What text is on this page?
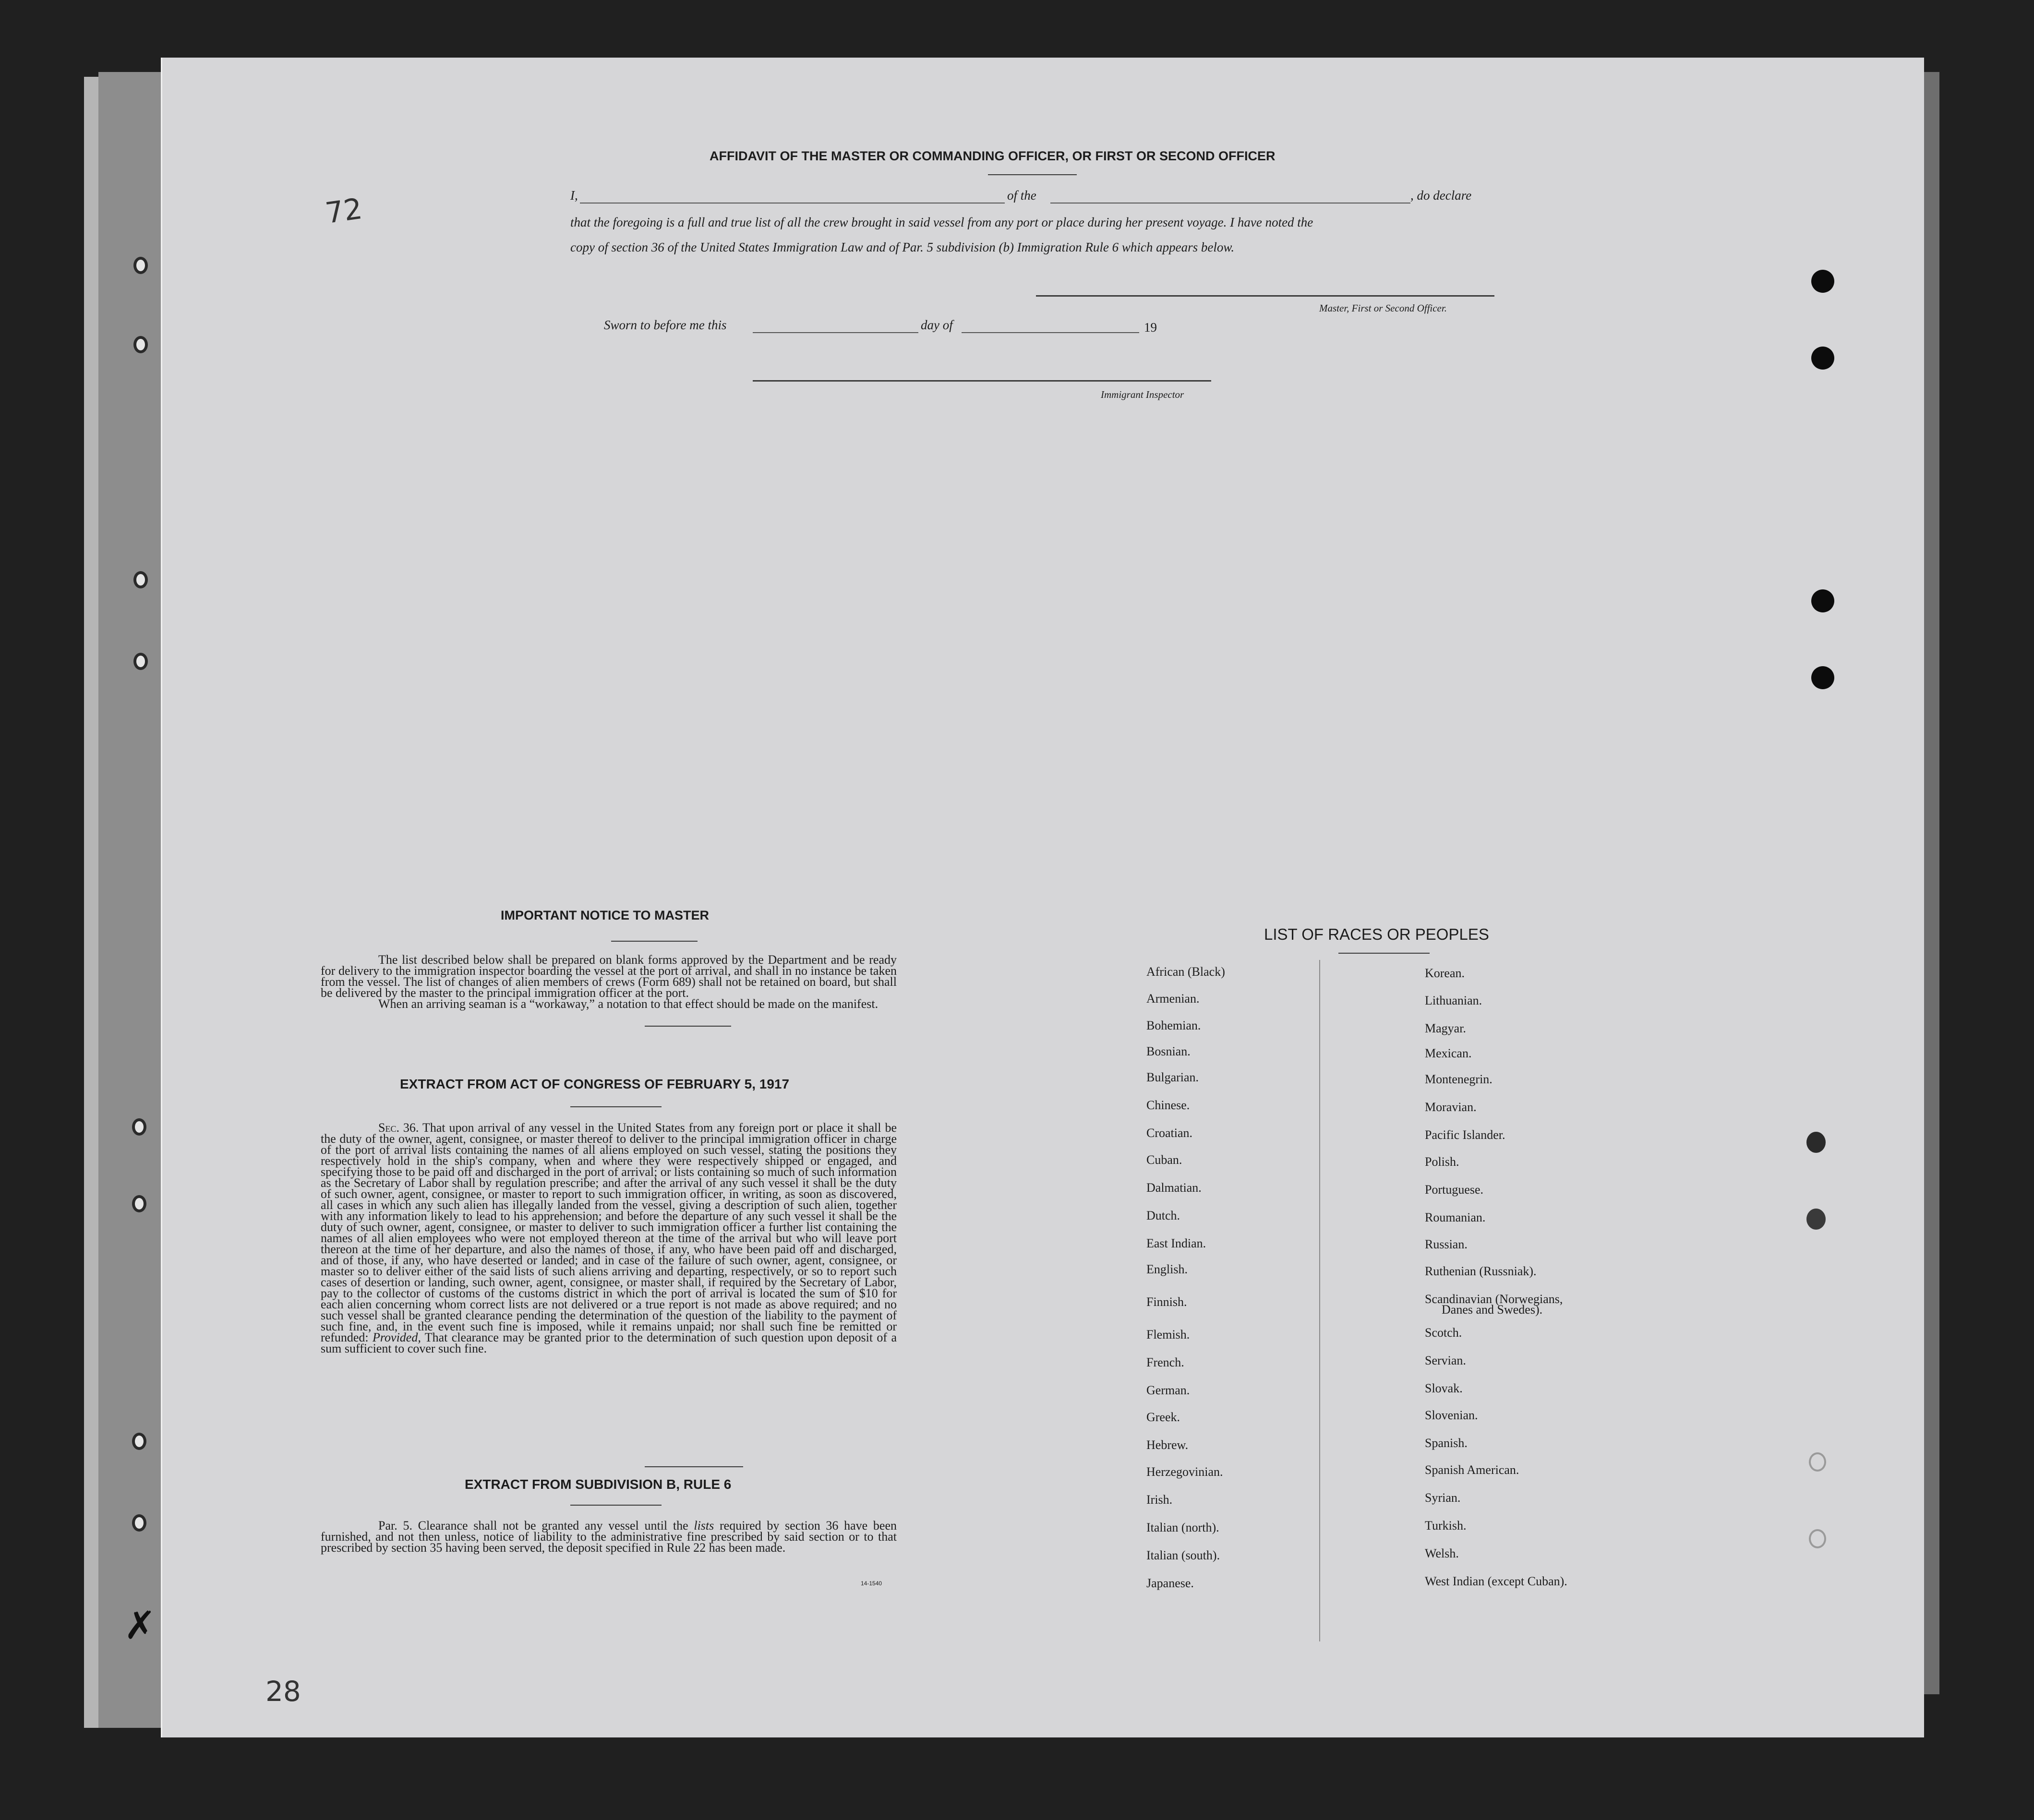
72
28
✗
AFFIDAVIT OF THE MASTER OR COMMANDING OFFICER, OR FIRST OR SECOND OFFICER
I,	of the	, do declare
that the foregoing is a full and true list of all the crew brought in said vessel from any port or place during her present voyage. I have noted the
copy of section 36 of the United States Immigration Law and of Par. 5 subdivision (b) Immigration Rule 6 which appears below.
Master, First or Second Officer.
Sworn to before me this	day of	19
Immigrant Inspector
IMPORTANT NOTICE TO MASTER

The list described below shall be prepared on blank forms approved by the Department and be ready for delivery to the immigration inspector boarding the vessel at the port of arrival, and shall in no instance be taken from the vessel. The list of changes of alien members of crews (Form 689) shall not be retained on board, but shall be delivered by the master to the principal immigration officer at the port.

When an arriving seaman is a “workaway,” a notation to that effect should be made on the manifest.

EXTRACT FROM ACT OF CONGRESS OF FEBRUARY 5, 1917

Sec. 36. That upon arrival of any vessel in the United States from any foreign port or place it shall be the duty of the owner, agent, consignee, or master thereof to deliver to the principal immigration officer in charge of the port of arrival lists containing the names of all aliens employed on such vessel, stating the positions they respectively hold in the ship's company, when and where they were respectively shipped or engaged, and specifying those to be paid off and discharged in the port of arrival; or lists containing so much of such information as the Secretary of Labor shall by regulation prescribe; and after the arrival of any such vessel it shall be the duty of such owner, agent, consignee, or master to report to such immigration officer, in writing, as soon as discovered, all cases in which any such alien has illegally landed from the vessel, giving a description of such alien, together with any information likely to lead to his apprehension; and before the departure of any such vessel it shall be the duty of such owner, agent, consignee, or master to deliver to such immigration officer a further list containing the names of all alien employees who were not employed thereon at the time of the arrival but who will leave port thereon at the time of her departure, and also the names of those, if any, who have been paid off and discharged, and of those, if any, who have deserted or landed; and in case of the failure of such owner, agent, consignee, or master so to deliver either of the said lists of such aliens arriving and departing, respectively, or so to report such cases of desertion or landing, such owner, agent, consignee, or master shall, if required by the Secretary of Labor, pay to the collector of customs of the customs district in which the port of arrival is located the sum of $10 for each alien concerning whom correct lists are not delivered or a true report is not made as above required; and no such vessel shall be granted clearance pending the determination of the question of the liability to the payment of such fine, and, in the event such fine is imposed, while it remains unpaid; nor shall such fine be remitted or refunded: Provided, That clearance may be granted prior to the determination of such question upon deposit of a sum sufficient to cover such fine.

EXTRACT FROM SUBDIVISION B, RULE 6

Par. 5. Clearance shall not be granted any vessel until the lists required by section 36 have been furnished, and not then unless, notice of liability to the administrative fine prescribed by said section or to that prescribed by section 35 having been served, the deposit specified in Rule 22 has been made.

14-1540
LIST OF RACES OR PEOPLES
African (Black)
Armenian.
Bohemian.
Bosnian.
Bulgarian.
Chinese.
Croatian.
Cuban.
Dalmatian.
Dutch.
East Indian.
English.
Finnish.
Flemish.
French.
German.
Greek.
Hebrew.
Herzegovinian.
Irish.
Italian (north).
Italian (south).
Japanese.
Korean.
Lithuanian.
Magyar.
Mexican.
Montenegrin.
Moravian.
Pacific Islander.
Polish.
Portuguese.
Roumanian.
Russian.
Ruthenian (Russniak).
Scandinavian (Norwegians,
Danes and Swedes).
Scotch.
Servian.
Slovak.
Slovenian.
Spanish.
Spanish American.
Syrian.
Turkish.
Welsh.
West Indian (except Cuban).
